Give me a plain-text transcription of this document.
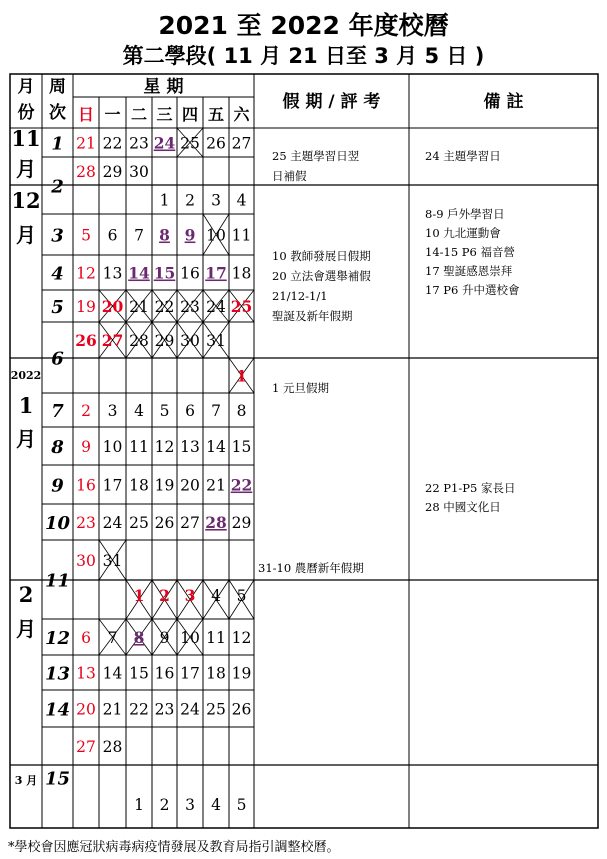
2021 至 2022 年度校曆
第二學段( 11 月 21 日至 3 月 5 日 )
月
份
周
次
星 期
日 一 二 三 四 五 六
假 期 / 評 考	備 註
11
月
12
月
2022
1
月
2
月
3 月
1
2
3
4
5
6
7
8
9
10
11
12
13
14
15
21 22 23 24 25 26 27
28 29 30
1 2 3 4
5 6 7 8 9 10 11
12 13 14 15 16 17 18
19 20 21 22 23 24 25
26 27 28 29 30 31
1
2 3 4 5 6 7 8
9 10 11 12 13 14 15
16 17 18 19 20 21 22
23 24 25 26 27 28 29
30 31
1 2 3 4 5
6 7 8 9 10 11 12
13 14 15 16 17 18 19
20 21 22 23 24 25 26
27 28
1 2 3 4 5
25 主題學習日翌
日補假
10 教師發展日假期
20 立法會選舉補假
21/12-1/1
聖誕及新年假期
1 元旦假期
31-10 農曆新年假期
24 主題學習日
8-9 戶外學習日
10 九北運動會
14-15 P6 福音營
17 聖誕感恩崇拜
17 P6 升中選校會
22 P1-P5 家長日
28 中國文化日
*學校會因應冠狀病毒病疫情發展及教育局指引調整校曆。
